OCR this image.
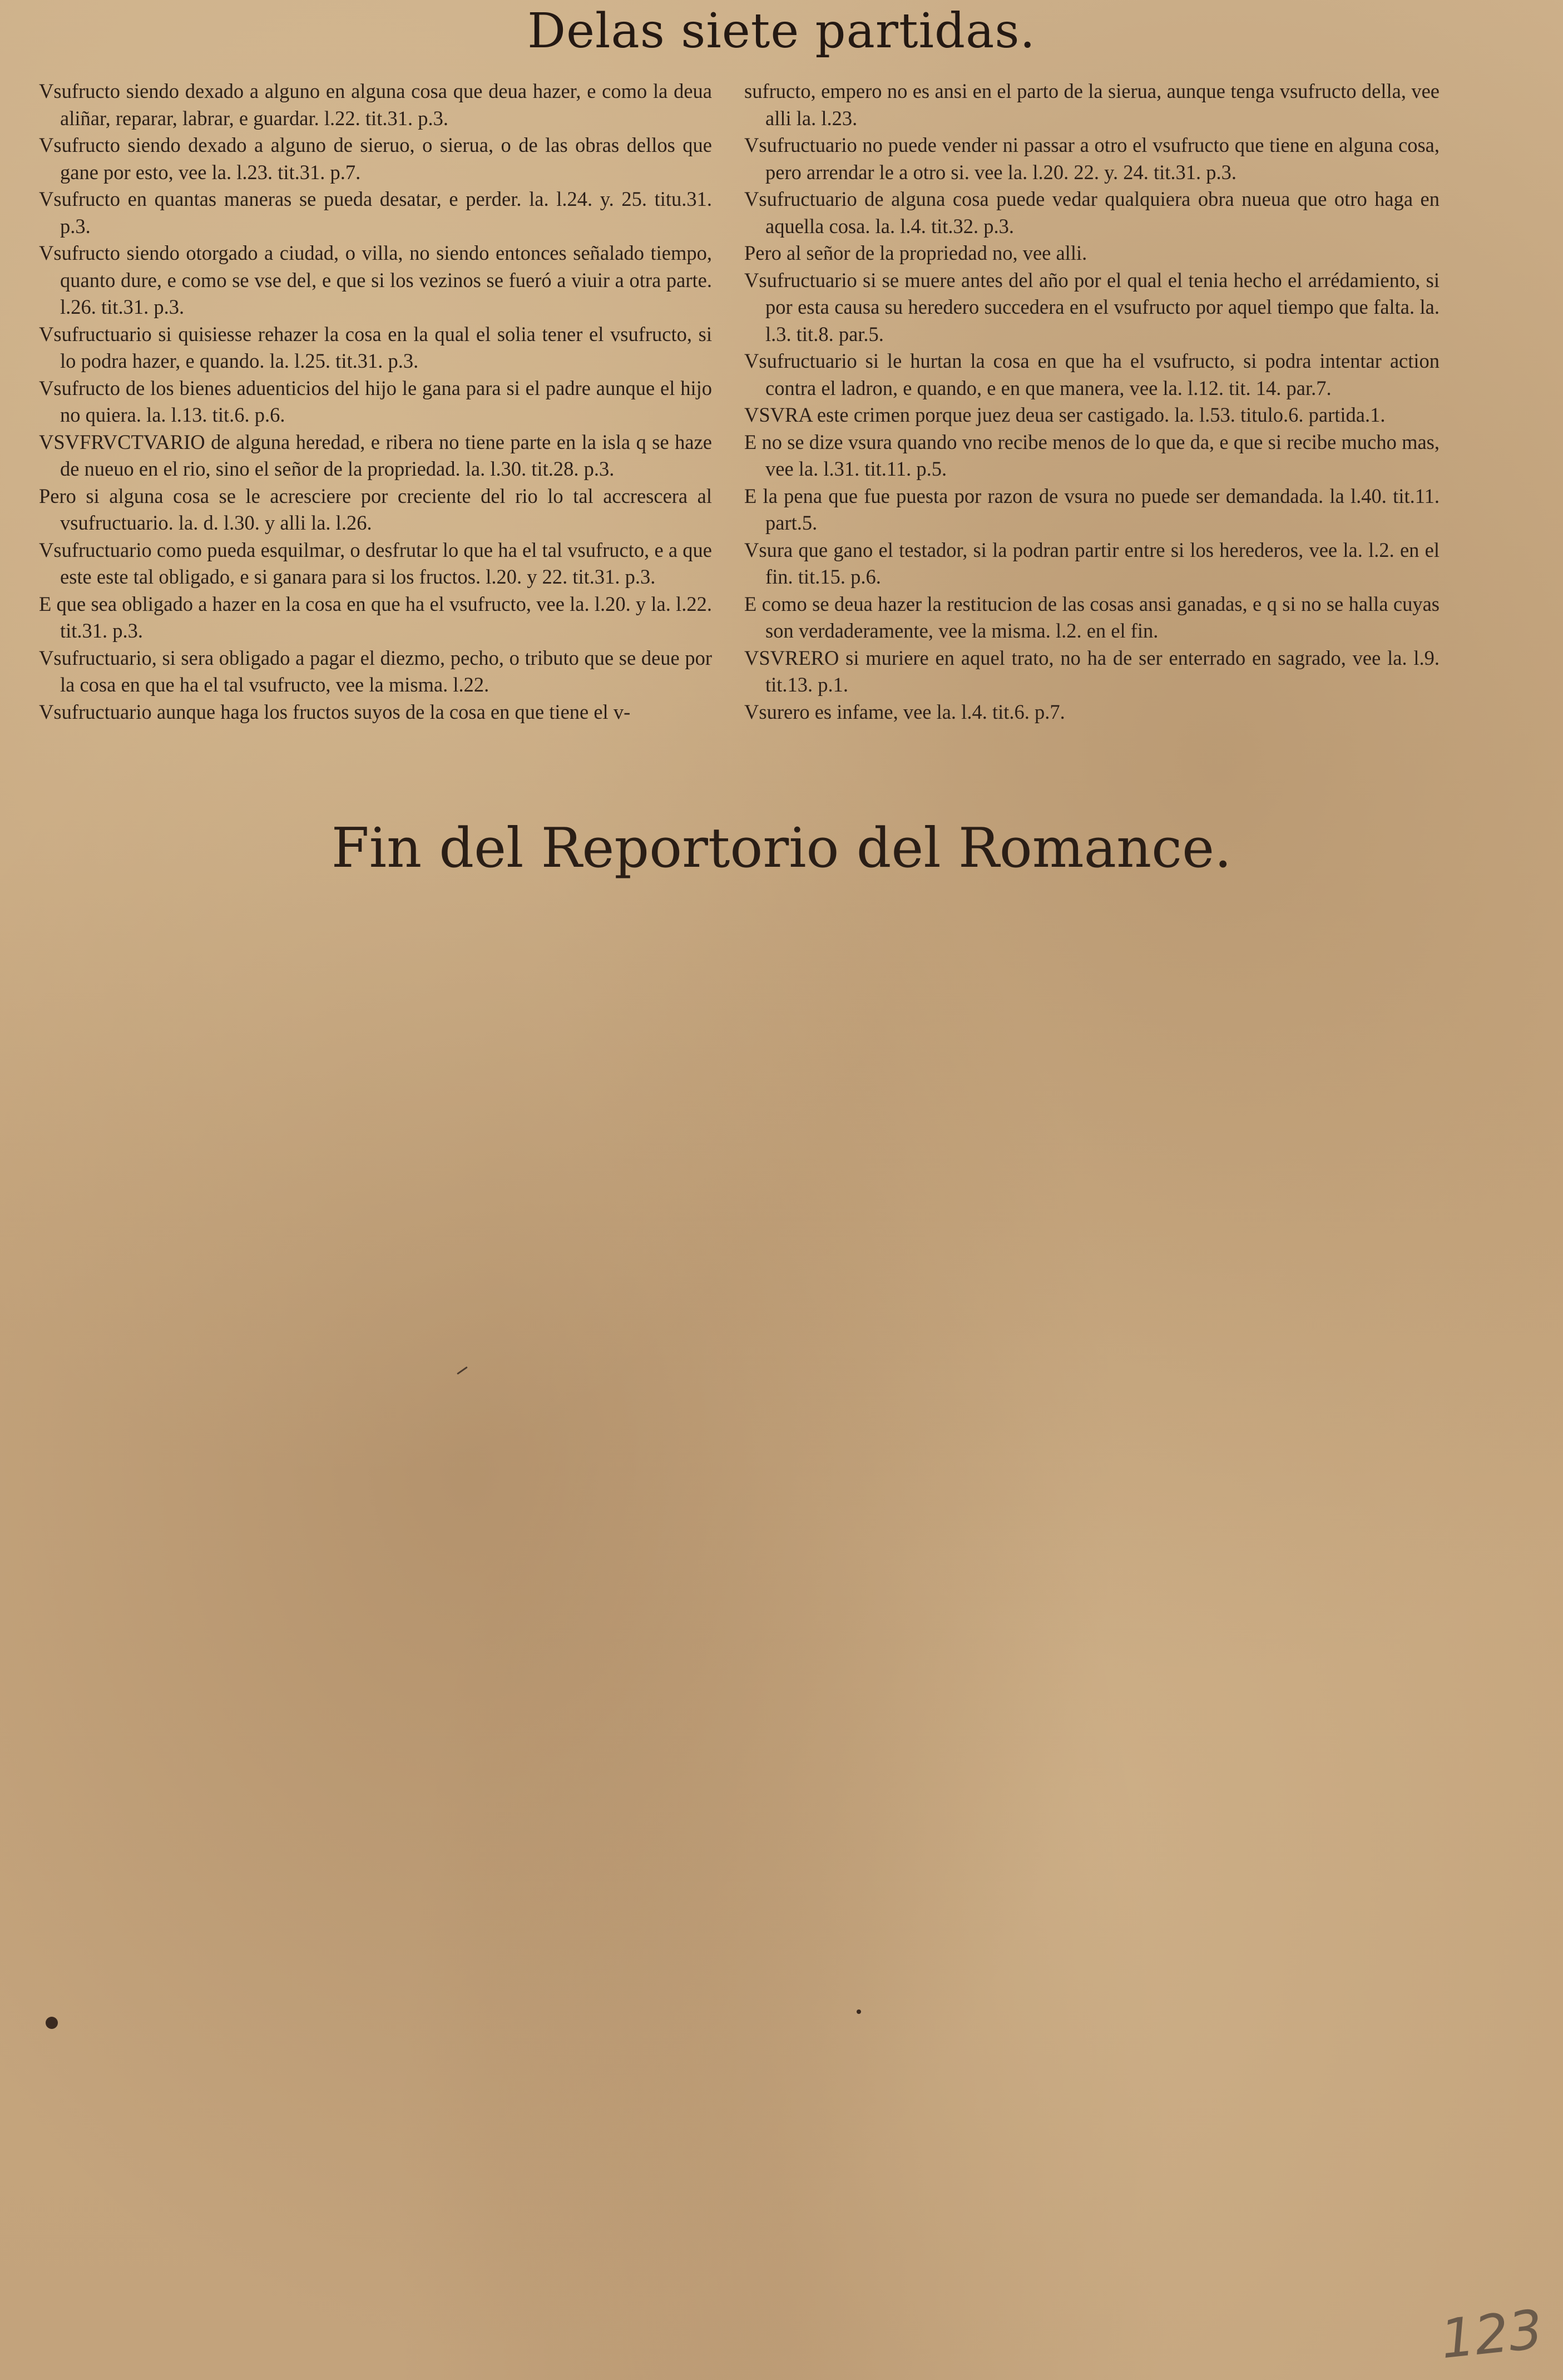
Delas siete partidas.

Vsufructo siendo dexado a alguno en alguna cosa que deua hazer, e como la deua aliñar, reparar, labrar, e guardar. l.22. tit.31. p.3.

Vsufructo siendo dexado a alguno de sieruo, o sierua, o de las obras dellos que gane por esto, vee la. l.23. tit.31. p.7.

Vsufructo en quantas maneras se pueda desatar, e perder. la. l.24. y. 25. titu.31. p.3.

Vsufructo siendo otorgado a ciudad, o villa, no siendo entonces señalado tiempo, quanto dure, e como se vse del, e que si los vezinos se fueró a viuir a otra parte. l.26. tit.31. p.3.

Vsufructuario si quisiesse rehazer la cosa en la qual el solia tener el vsufructo, si lo podra hazer, e quando. la. l.25. tit.31. p.3.

Vsufructo de los bienes aduenticios del hijo le gana para si el padre aunque el hijo no quiera. la. l.13. tit.6. p.6.

VSVFRVCTVARIO de alguna heredad, e ribera no tiene parte en la isla q se haze de nueuo en el rio, sino el señor de la propriedad. la. l.30. tit.28. p.3.

Pero si alguna cosa se le acresciere por creciente del rio lo tal accrescera al vsufructuario. la. d. l.30. y alli la. l.26.

Vsufructuario como pueda esquilmar, o desfrutar lo que ha el tal vsufructo, e a que este este tal obligado, e si ganara para si los fructos. l.20. y 22. tit.31. p.3.

E que sea obligado a hazer en la cosa en que ha el vsufructo, vee la. l.20. y la. l.22. tit.31. p.3.

Vsufructuario, si sera obligado a pagar el diezmo, pecho, o tributo que se deue por la cosa en que ha el tal vsufructo, vee la misma. l.22.

Vsufructuario aunque haga los fructos suyos de la cosa en que tiene el v-

sufructo, empero no es ansi en el parto de la sierua, aunque tenga vsufructo della, vee alli la. l.23.

Vsufructuario no puede vender ni passar a otro el vsufructo que tiene en alguna cosa, pero arrendar le a otro si. vee la. l.20. 22. y. 24. tit.31. p.3.

Vsufructuario de alguna cosa puede vedar qualquiera obra nueua que otro haga en aquella cosa. la. l.4. tit.32. p.3.

Pero al señor de la propriedad no, vee alli.

Vsufructuario si se muere antes del año por el qual el tenia hecho el arrédamiento, si por esta causa su heredero succedera en el vsufructo por aquel tiempo que falta. la. l.3. tit.8. par.5.

Vsufructuario si le hurtan la cosa en que ha el vsufructo, si podra intentar action contra el ladron, e quando, e en que manera, vee la. l.12. tit. 14. par.7.

VSVRA este crimen porque juez deua ser castigado. la. l.53. titulo.6. partida.1.

E no se dize vsura quando vno recibe menos de lo que da, e que si recibe mucho mas, vee la. l.31. tit.11. p.5.

E la pena que fue puesta por razon de vsura no puede ser demandada. la l.40. tit.11. part.5.

Vsura que gano el testador, si la podran partir entre si los herederos, vee la. l.2. en el fin. tit.15. p.6.

E como se deua hazer la restitucion de las cosas ansi ganadas, e q si no se halla cuyas son verdaderamente, vee la misma. l.2. en el fin.

VSVRERO si muriere en aquel trato, no ha de ser enterrado en sagrado, vee la. l.9. tit.13. p.1.

Vsurero es infame, vee la. l.4. tit.6. p.7.

Fin del Reportorio del Romance.
123
